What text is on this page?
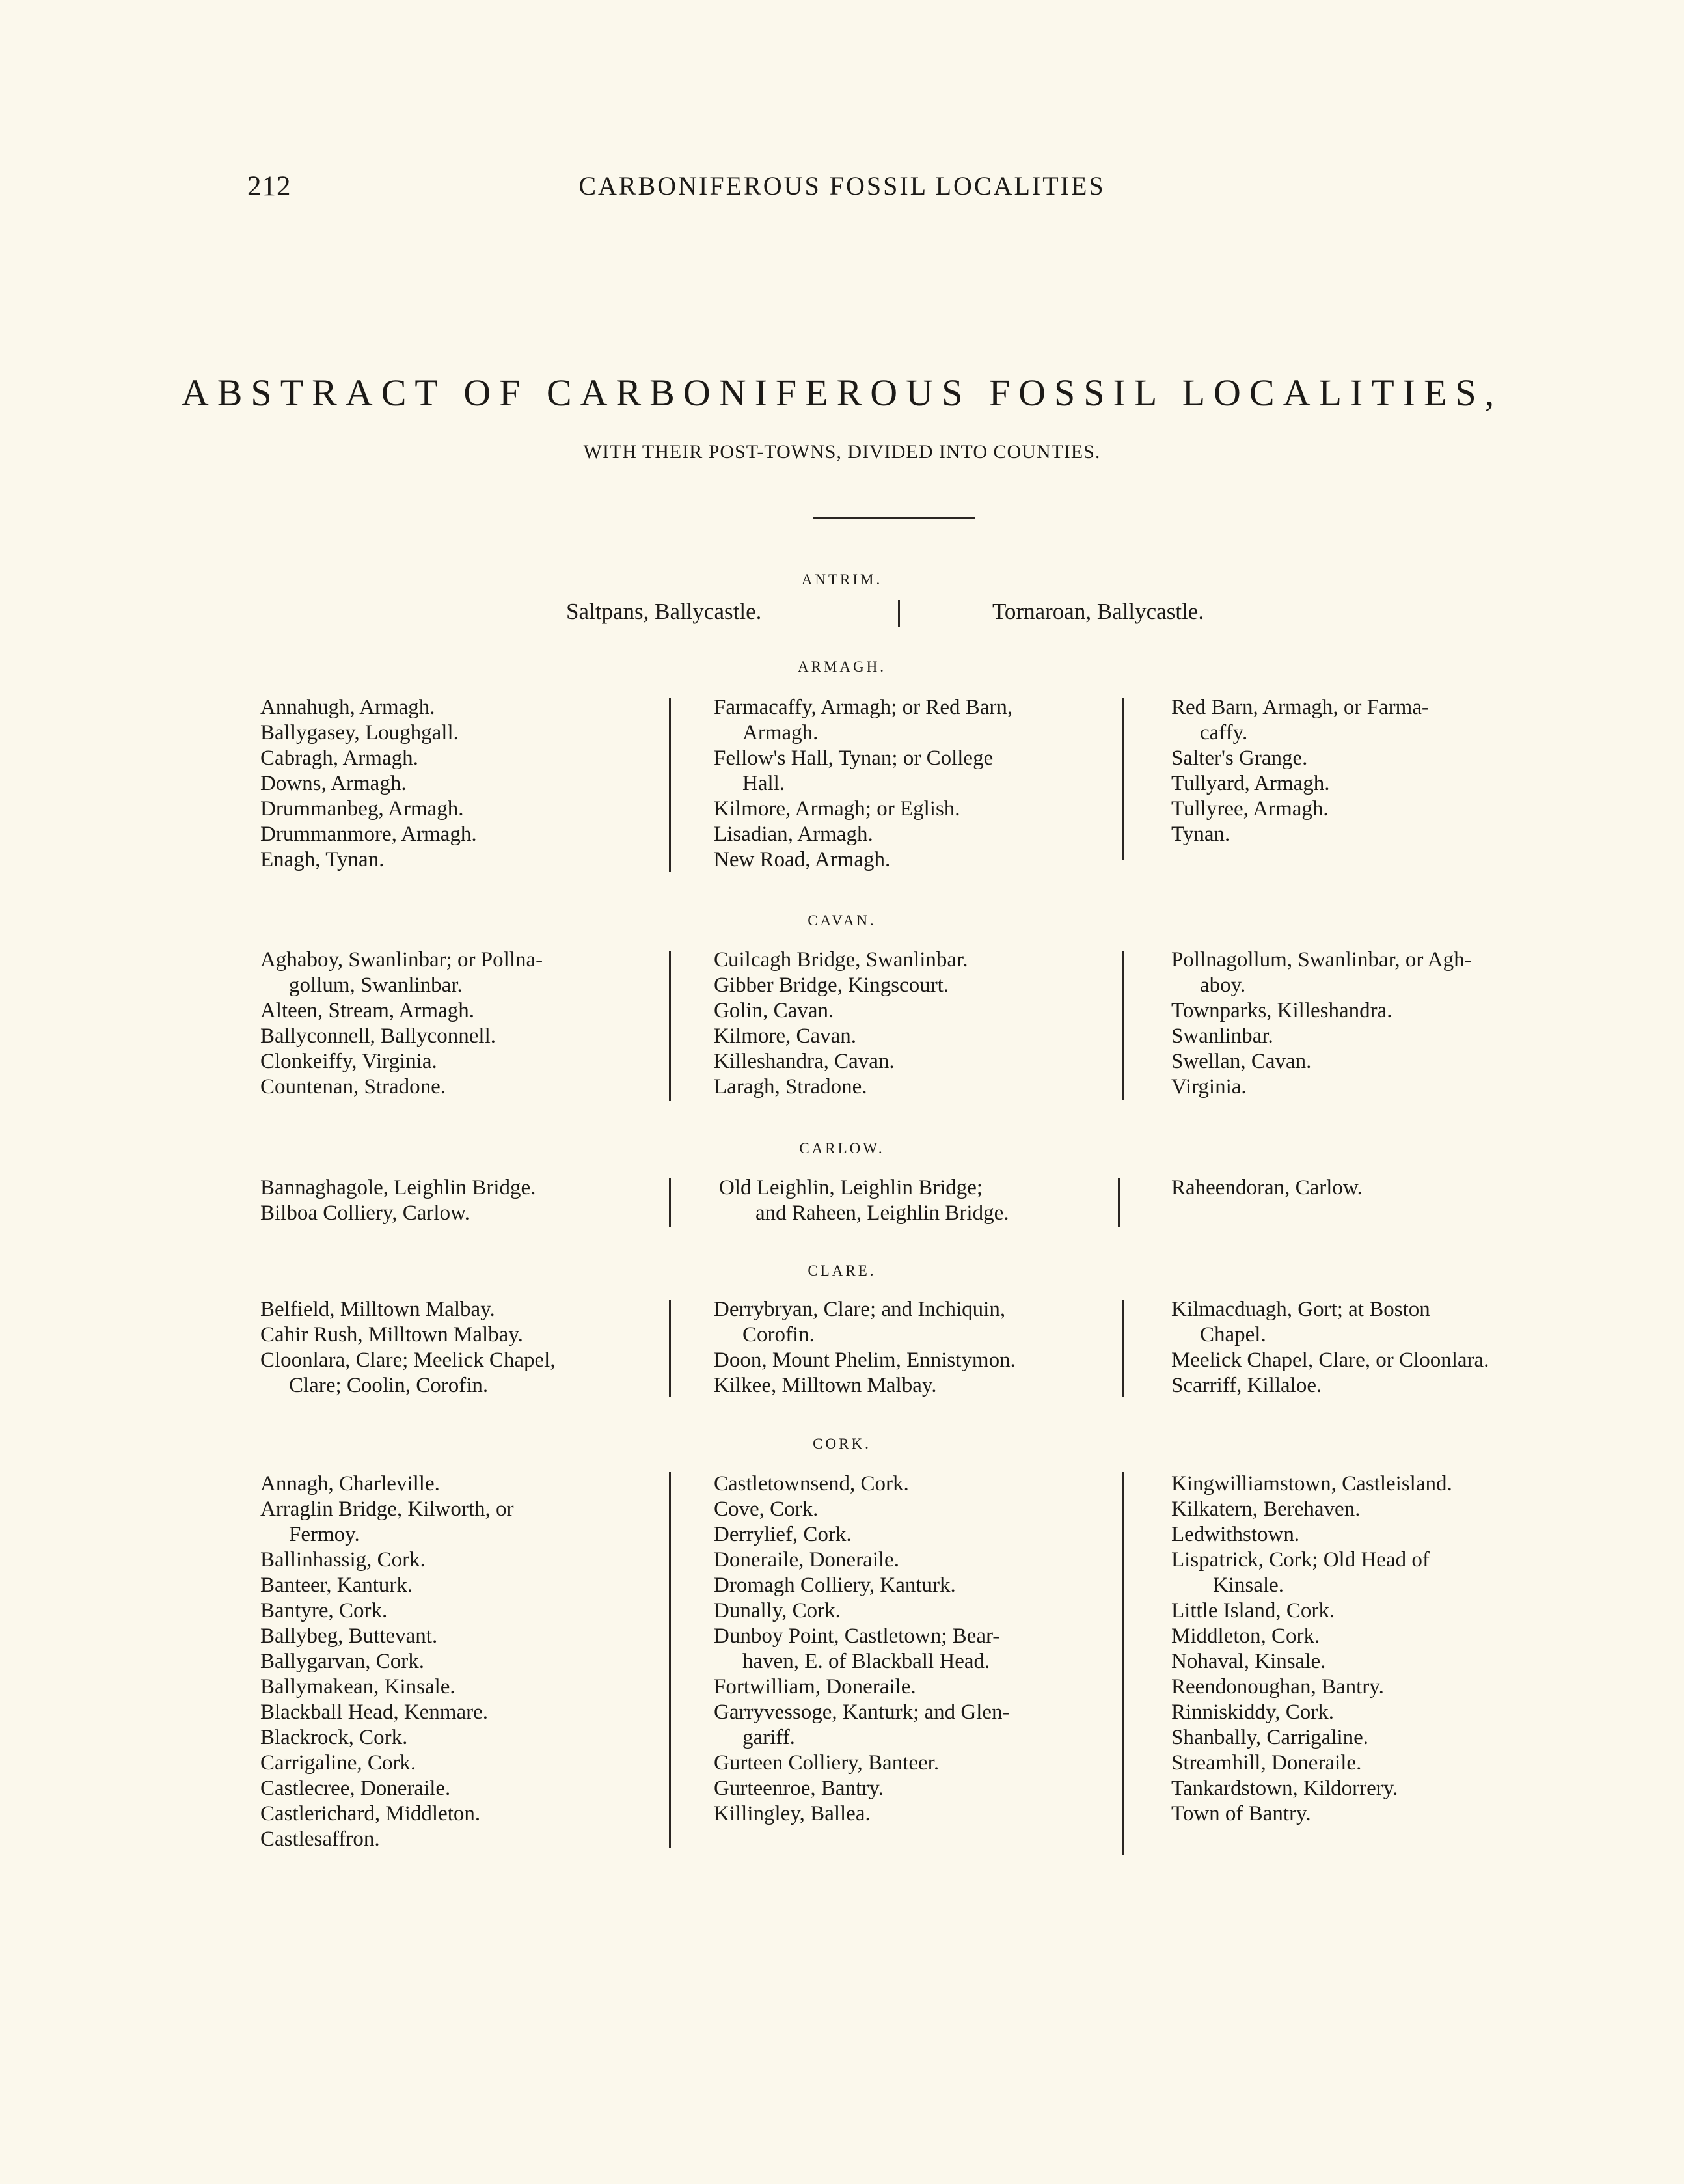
212	CARBONIFEROUS FOSSIL LOCALITIES
ABSTRACT OF CARBONIFEROUS FOSSIL LOCALITIES,
WITH THEIR POST-TOWNS, DIVIDED INTO COUNTIES.
ANTRIM.
Saltpans, Ballycastle.	Tornaroan, Ballycastle.
ARMAGH.
Annahugh, Armagh.
Ballygasey, Loughgall.
Cabragh, Armagh.
Downs, Armagh.
Drummanbeg, Armagh.
Drummanmore, Armagh.
Enagh, Tynan.
Farmacaffy, Armagh; or Red Barn,
Armagh.
Fellow's Hall, Tynan; or College
Hall.
Kilmore, Armagh; or Eglish.
Lisadian, Armagh.
New Road, Armagh.
Red Barn, Armagh, or Farma-
caffy.
Salter's Grange.
Tullyard, Armagh.
Tullyree, Armagh.
Tynan.
CAVAN.
Aghaboy, Swanlinbar; or Pollna-
gollum, Swanlinbar.
Alteen, Stream, Armagh.
Ballyconnell, Ballyconnell.
Clonkeiffy, Virginia.
Countenan, Stradone.
Cuilcagh Bridge, Swanlinbar.
Gibber Bridge, Kingscourt.
Golin, Cavan.
Kilmore, Cavan.
Killeshandra, Cavan.
Laragh, Stradone.
Pollnagollum, Swanlinbar, or Agh-
aboy.
Townparks, Killeshandra.
Swanlinbar.
Swellan, Cavan.
Virginia.
CARLOW.
Bannaghagole, Leighlin Bridge.
Bilboa Colliery, Carlow.
Old Leighlin, Leighlin Bridge;
and Raheen, Leighlin Bridge.
Raheendoran, Carlow.
CLARE.
Belfield, Milltown Malbay.
Cahir Rush, Milltown Malbay.
Cloonlara, Clare; Meelick Chapel,
Clare; Coolin, Corofin.
Derrybryan, Clare; and Inchiquin,
Corofin.
Doon, Mount Phelim, Ennistymon.
Kilkee, Milltown Malbay.
Kilmacduagh, Gort; at Boston
Chapel.
Meelick Chapel, Clare, or Cloonlara.
Scarriff, Killaloe.
CORK.
Annagh, Charleville.
Arraglin Bridge, Kilworth, or
Fermoy.
Ballinhassig, Cork.
Banteer, Kanturk.
Bantyre, Cork.
Ballybeg, Buttevant.
Ballygarvan, Cork.
Ballymakean, Kinsale.
Blackball Head, Kenmare.
Blackrock, Cork.
Carrigaline, Cork.
Castlecree, Doneraile.
Castlerichard, Middleton.
Castlesaffron.
Castletownsend, Cork.
Cove, Cork.
Derrylief, Cork.
Doneraile, Doneraile.
Dromagh Colliery, Kanturk.
Dunally, Cork.
Dunboy Point, Castletown; Bear-
haven, E. of Blackball Head.
Fortwilliam, Doneraile.
Garryvessoge, Kanturk; and Glen-
gariff.
Gurteen Colliery, Banteer.
Gurteenroe, Bantry.
Killingley, Ballea.
Kingwilliamstown, Castleisland.
Kilkatern, Berehaven.
Ledwithstown.
Lispatrick, Cork; Old Head of
Kinsale.
Little Island, Cork.
Middleton, Cork.
Nohaval, Kinsale.
Reendonoughan, Bantry.
Rinniskiddy, Cork.
Shanbally, Carrigaline.
Streamhill, Doneraile.
Tankardstown, Kildorrery.
Town of Bantry.
